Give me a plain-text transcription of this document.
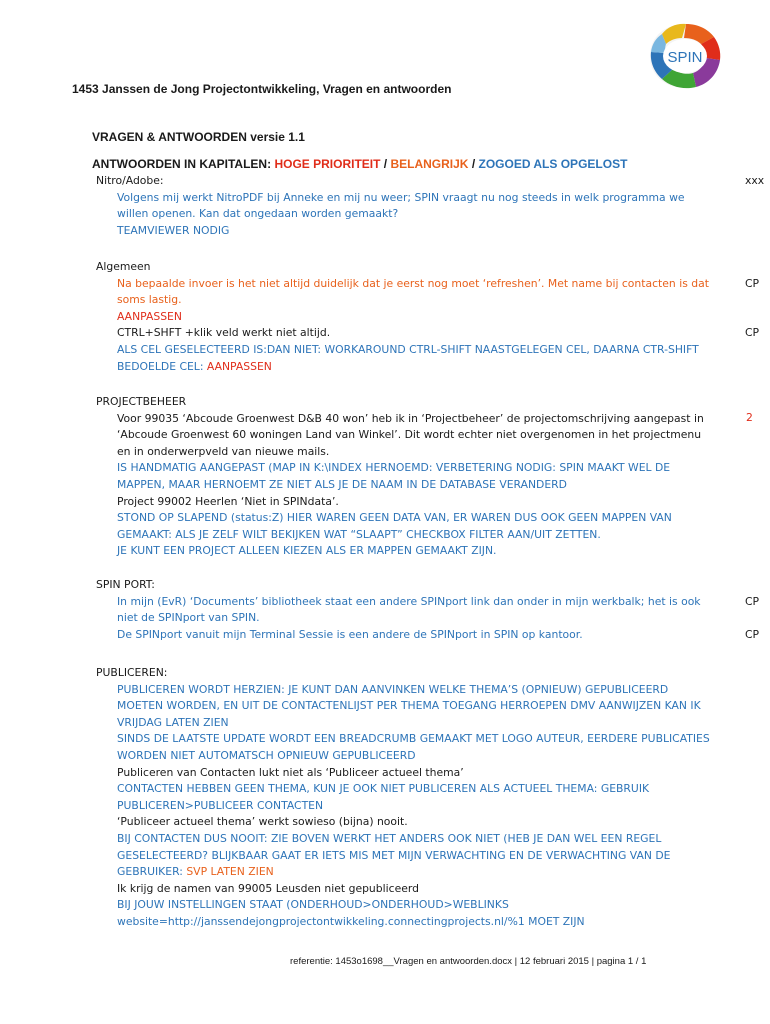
SPIN
1453 Janssen de Jong Projectontwikkeling, Vragen en antwoorden
VRAGEN & ANTWOORDEN versie 1.1
ANTWOORDEN IN KAPITALEN: HOGE PRIORITEIT / BELANGRIJK / ZOGOED ALS OPGELOST

Nitro/Adobe:

Volgens mij werkt NitroPDF bij Anneke en mij nu weer; SPIN vraagt nu nog steeds in welk programma we willen openen. Kan dat ongedaan worden gemaakt?

TEAMVIEWER NODIG

xxx

Algemeen

Na bepaalde invoer is het niet altijd duidelijk dat je eerst nog moet ‘refreshen’. Met name bij contacten is dat soms lastig.

AANPASSEN

CTRL+SHFT +klik veld werkt niet altijd.

ALS CEL GESELECTEERD IS:DAN NIET: WORKAROUND CTRL-SHIFT NAASTGELEGEN CEL, DAARNA CTR-SHIFT BEDOELDE CEL: AANPASSEN

CP
CP

PROJECTBEHEER

Voor 99035 ‘Abcoude Groenwest D&B 40 won’ heb ik in ‘Projectbeheer’ de projectomschrijving aangepast in ‘Abcoude Groenwest 60 woningen Land van Winkel’. Dit wordt echter niet overgenomen in het projectmenu en in onderwerpveld van nieuwe mails.

IS HANDMATIG AANGEPAST (MAP IN K:\INDEX HERNOEMD: VERBETERING NODIG: SPIN MAAKT WEL DE MAPPEN, MAAR HERNOEMT ZE NIET ALS JE DE NAAM IN DE DATABASE VERANDERD

Project 99002 Heerlen ‘Niet in SPINdata’.

STOND OP SLAPEND (status:Z) HIER WAREN GEEN DATA VAN, ER WAREN DUS OOK GEEN MAPPEN VAN GEMAAKT: ALS JE ZELF WILT BEKIJKEN WAT “SLAAPT” CHECKBOX FILTER AAN/UIT ZETTEN.

JE KUNT EEN PROJECT ALLEEN KIEZEN ALS ER MAPPEN GEMAAKT ZIJN.

2

SPIN PORT:

In mijn (EvR) ‘Documents’ bibliotheek staat een andere SPINport link dan onder in mijn werkbalk; het is ook niet de SPINport van SPIN.

De SPINport vanuit mijn Terminal Sessie is een andere de SPINport in SPIN op kantoor.

CP
CP

PUBLICEREN:

PUBLICEREN WORDT HERZIEN: JE KUNT DAN AANVINKEN WELKE THEMA’S (OPNIEUW) GEPUBLICEERD MOETEN WORDEN, EN UIT DE CONTACTENLIJST PER THEMA TOEGANG HERROEPEN DMV AANWIJZEN KAN IK VRIJDAG LATEN ZIEN

SINDS DE LAATSTE UPDATE WORDT EEN BREADCRUMB GEMAAKT MET LOGO AUTEUR, EERDERE PUBLICATIES WORDEN NIET AUTOMATSCH OPNIEUW GEPUBLICEERD

Publiceren van Contacten lukt niet als ‘Publiceer actueel thema’

CONTACTEN HEBBEN GEEN THEMA, KUN JE OOK NIET PUBLICEREN ALS ACTUEEL THEMA: GEBRUIK PUBLICEREN>PUBLICEER CONTACTEN

‘Publiceer actueel thema’ werkt sowieso (bijna) nooit.

BIJ CONTACTEN DUS NOOIT: ZIE BOVEN WERKT HET ANDERS OOK NIET (HEB JE DAN WEL EEN REGEL GESELECTEERD? BLIJKBAAR GAAT ER IETS MIS MET MIJN VERWACHTING EN DE VERWACHTING VAN DE GEBRUIKER: SVP LATEN ZIEN

Ik krijg de namen van 99005 Leusden niet gepubliceerd

BIJ JOUW INSTELLINGEN STAAT (ONDERHOUD>ONDERHOUD>WEBLINKS website=http://janssendejongprojectontwikkeling.connectingprojects.nl/%1 MOET ZIJN

referentie: 1453o1698__Vragen en antwoorden.docx | 12 februari 2015 | pagina 1 / 1
